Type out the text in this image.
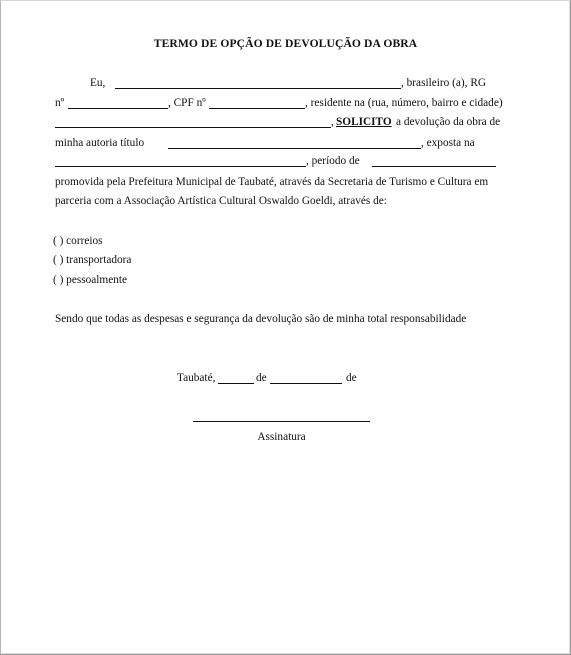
TERMO DE OPÇÃO DE DEVOLUÇÃO DA OBRA
Eu,	, brasileiro (a), RG
nº	, CPF nº	, residente na (rua, número, bairro e cidade)
, SOLICITO a devolução da obra de
minha autoria título	, exposta na
, período de
promovida pela Prefeitura Municipal de Taubaté, através da Secretaria de Turismo e Cultura em
parceria com a Associação Artística Cultural Oswaldo Goeldi, através de:
( ) correios
( ) transportadora
( ) pessoalmente
Sendo que todas as despesas e segurança da devolução são de minha total responsabilidade
Taubaté,	de	de
Assinatura
